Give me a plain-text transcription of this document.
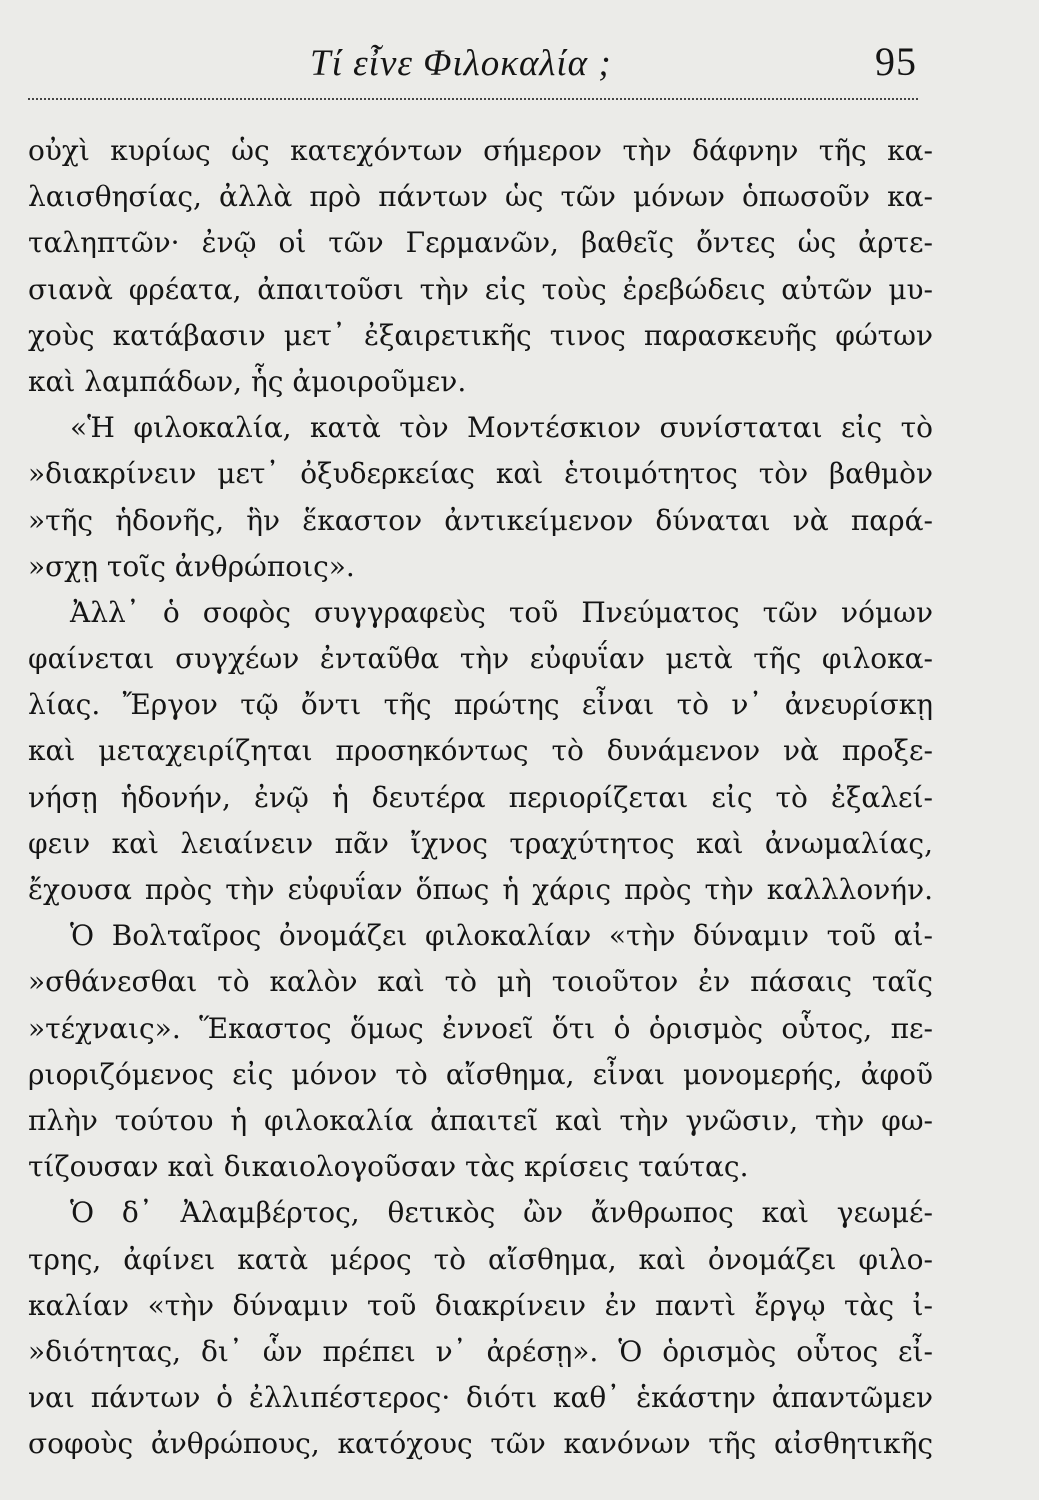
Τί εἶνε Φιλοκαλία ;	95
οὐχὶ κυρίως ὡς κατεχόντων σήμερον τὴν δάφνην τῆς κα-
λαισθησίας, ἀλλὰ πρὸ πάντων ὡς τῶν μόνων ὁπωσοῦν κα-
ταληπτῶν· ἐνῷ οἱ τῶν Γερμανῶν, βαθεῖς ὄντες ὡς ἀρτε-
σιανὰ φρέατα, ἀπαιτοῦσι τὴν εἰς τοὺς ἐρεβώδεις αὐτῶν μυ-
χοὺς κατάβασιν μετ᾽ ἐξαιρετικῆς τινος παρασκευῆς φώτων
καὶ λαμπάδων, ἧς ἀμοιροῦμεν.
«Ἡ φιλοκαλία, κατὰ τὸν Μοντέσκιον συνίσταται εἰς τὸ
»διακρίνειν μετ᾽ ὀξυδερκείας καὶ ἑτοιμότητος τὸν βαθμὸν
»τῆς ἡδονῆς, ἣν ἕκαστον ἀντικείμενον δύναται νὰ παρά-
»σχῃ τοῖς ἀνθρώποις».
Ἀλλ᾽ ὁ σοφὸς συγγραφεὺς τοῦ Πνεύματος τῶν νόμων
φαίνεται συγχέων ἐνταῦθα τὴν εὐφυΐαν μετὰ τῆς φιλοκα-
λίας. Ἔργον τῷ ὄντι τῆς πρώτης εἶναι τὸ ν᾽ ἀνευρίσκῃ
καὶ μεταχειρίζηται προσηκόντως τὸ δυνάμενον νὰ προξε-
νήσῃ ἡδονήν, ἐνῷ ἡ δευτέρα περιορίζεται εἰς τὸ ἐξαλεί-
φειν καὶ λειαίνειν πᾶν ἴχνος τραχύτητος καὶ ἀνωμαλίας,
ἔχουσα πρὸς τὴν εὐφυΐαν ὅπως ἡ χάρις πρὸς τὴν καλλλονήν.
Ὁ Βολταῖρος ὀνομάζει φιλοκαλίαν «τὴν δύναμιν τοῦ αἰ-
»σθάνεσθαι τὸ καλὸν καὶ τὸ μὴ τοιοῦτον ἐν πάσαις ταῖς
»τέχναις». Ἕκαστος ὅμως ἐννοεῖ ὅτι ὁ ὁρισμὸς οὗτος, πε-
ριοριζόμενος εἰς μόνον τὸ αἴσθημα, εἶναι μονομερής, ἀφοῦ
πλὴν τούτου ἡ φιλοκαλία ἀπαιτεῖ καὶ τὴν γνῶσιν, τὴν φω-
τίζουσαν καὶ δικαιολογοῦσαν τὰς κρίσεις ταύτας.
Ὁ δ᾽ Ἀλαμβέρτος, θετικὸς ὢν ἄνθρωπος καὶ γεωμέ-
τρης, ἀφίνει κατὰ μέρος τὸ αἴσθημα, καὶ ὀνομάζει φιλο-
καλίαν «τὴν δύναμιν τοῦ διακρίνειν ἐν παντὶ ἔργῳ τὰς ἰ-
»διότητας, δι᾽ ὧν πρέπει ν᾽ ἀρέσῃ». Ὁ ὁρισμὸς οὗτος εἶ-
ναι πάντων ὁ ἐλλιπέστερος· διότι καθ᾽ ἑκάστην ἀπαντῶμεν
σοφοὺς ἀνθρώπους, κατόχους τῶν κανόνων τῆς αἰσθητικῆς
